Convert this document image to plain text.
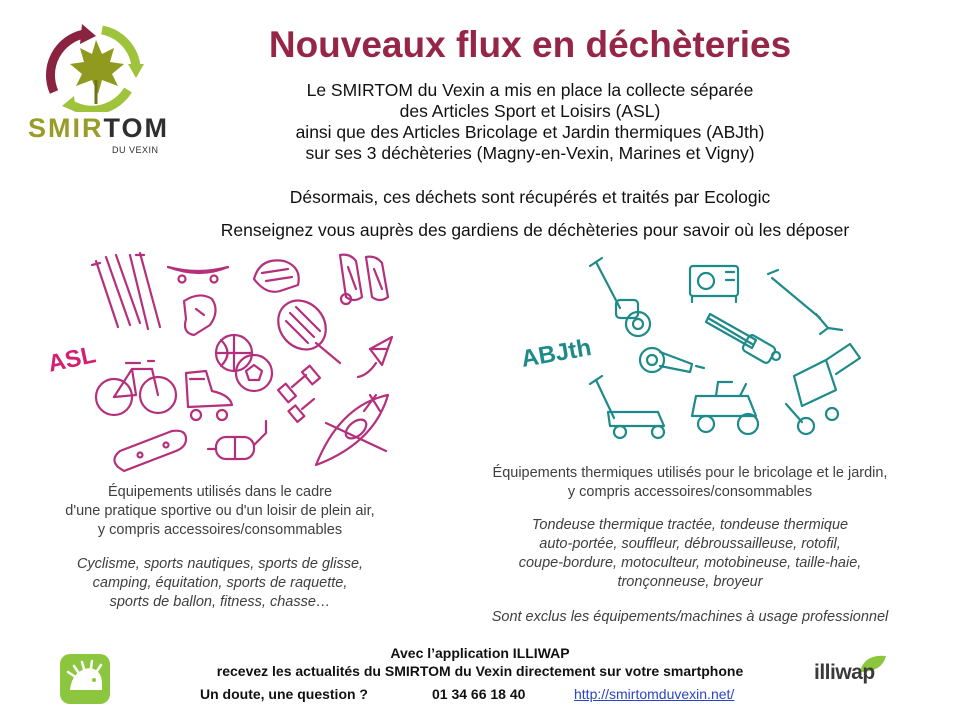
SMIRTOM
DU VEXIN
Nouveaux flux en déchèteries
Le SMIRTOM du Vexin a mis en place la collecte séparée
des Articles Sport et Loisirs (ASL)
ainsi que des Articles Bricolage et Jardin thermiques (ABJth)
sur ses 3 déchèteries (Magny-en-Vexin, Marines et Vigny)
Désormais, ces déchets sont récupérés et traités par Ecologic
Renseignez vous auprès des gardiens de déchèteries pour savoir où les déposer
ASL	ABJth
Équipements utilisés dans le cadre
d'une pratique sportive ou d'un loisir de plein air,
y compris accessoires/consommables
Cyclisme, sports nautiques, sports de glisse,
camping, équitation, sports de raquette,
sports de ballon, fitness, chasse…
Équipements thermiques utilisés pour le bricolage et le jardin,
y compris accessoires/consommables
Tondeuse thermique tractée, tondeuse thermique
auto-portée, souffleur, débroussailleuse, rotofil,
coupe-bordure, motoculteur, motobineuse, taille-haie,
tronçonneuse, broyeur
Sont exclus les équipements/machines à usage professionnel
Avec l’application ILLIWAP
recevez les actualités du SMIRTOM du Vexin directement sur votre smartphone
Un doute, une question ?	01 34 66 18 40	http://smirtomduvexin.net/
illiwap
